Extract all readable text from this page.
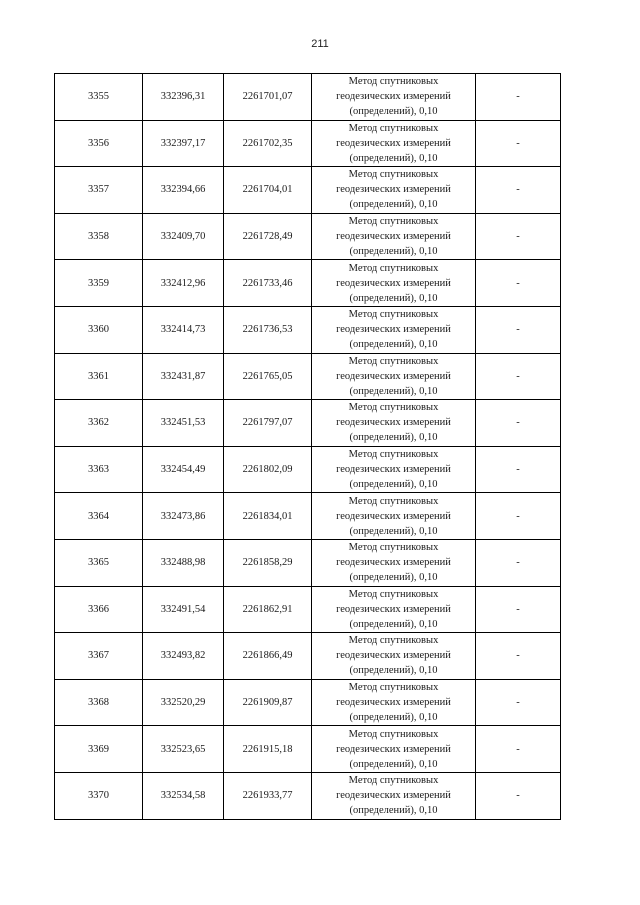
211
3355	332396,31	2261701,07	Метод спутниковых
геодезических измерений
(определений), 0,10	-
3356	332397,17	2261702,35	Метод спутниковых
геодезических измерений
(определений), 0,10	-
3357	332394,66	2261704,01	Метод спутниковых
геодезических измерений
(определений), 0,10	-
3358	332409,70	2261728,49	Метод спутниковых
геодезических измерений
(определений), 0,10	-
3359	332412,96	2261733,46	Метод спутниковых
геодезических измерений
(определений), 0,10	-
3360	332414,73	2261736,53	Метод спутниковых
геодезических измерений
(определений), 0,10	-
3361	332431,87	2261765,05	Метод спутниковых
геодезических измерений
(определений), 0,10	-
3362	332451,53	2261797,07	Метод спутниковых
геодезических измерений
(определений), 0,10	-
3363	332454,49	2261802,09	Метод спутниковых
геодезических измерений
(определений), 0,10	-
3364	332473,86	2261834,01	Метод спутниковых
геодезических измерений
(определений), 0,10	-
3365	332488,98	2261858,29	Метод спутниковых
геодезических измерений
(определений), 0,10	-
3366	332491,54	2261862,91	Метод спутниковых
геодезических измерений
(определений), 0,10	-
3367	332493,82	2261866,49	Метод спутниковых
геодезических измерений
(определений), 0,10	-
3368	332520,29	2261909,87	Метод спутниковых
геодезических измерений
(определений), 0,10	-
3369	332523,65	2261915,18	Метод спутниковых
геодезических измерений
(определений), 0,10	-
3370	332534,58	2261933,77	Метод спутниковых
геодезических измерений
(определений), 0,10	-
